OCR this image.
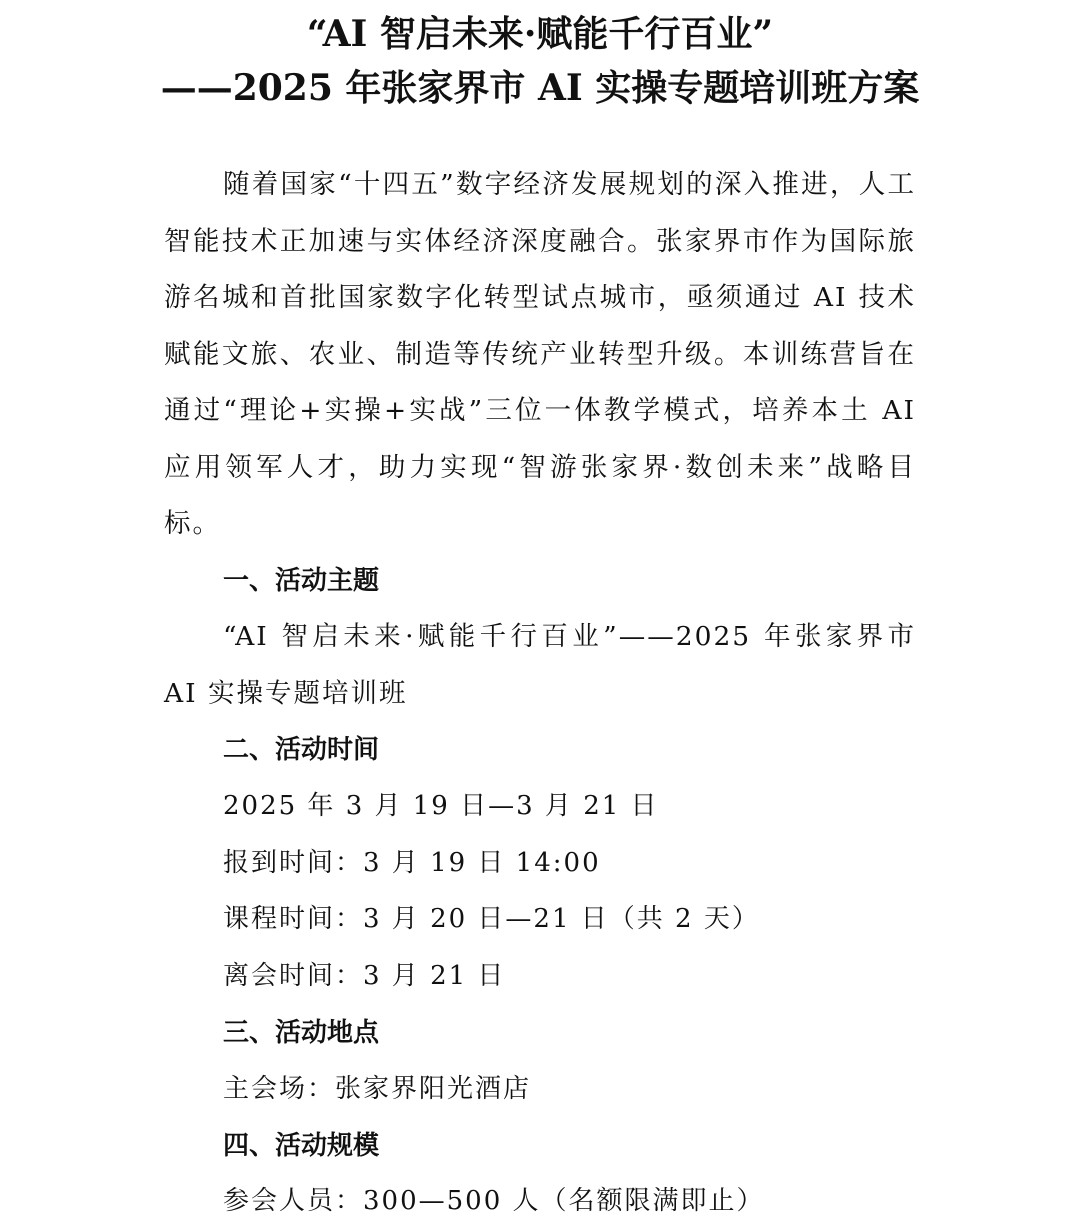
“AI 智启未来·赋能千行百业”
——2025 年张家界市 AI 实操专题培训班方案

随着国家“十四五”数字经济发展规划的深入推进，人工智能技术正加速与实体经济深度融合。张家界市作为国际旅游名城和首批国家数字化转型试点城市，亟须通过 AI 技术赋能文旅、农业、制造等传统产业转型升级。本训练营旨在通过“理论+实操+实战”三位一体教学模式，培养本土 AI 应用领军人才，助力实现“智游张家界·数创未来”战略目标。

一、活动主题

“AI 智启未来·赋能千行百业”——2025 年张家界市 AI 实操专题培训班

二、活动时间

2025 年 3 月 19 日—3 月 21 日

报到时间：3 月 19 日 14:00

课程时间：3 月 20 日—21 日（共 2 天）

离会时间：3 月 21 日

三、活动地点

主会场：张家界阳光酒店

四、活动规模

参会人员：300—500 人（名额限满即止）
